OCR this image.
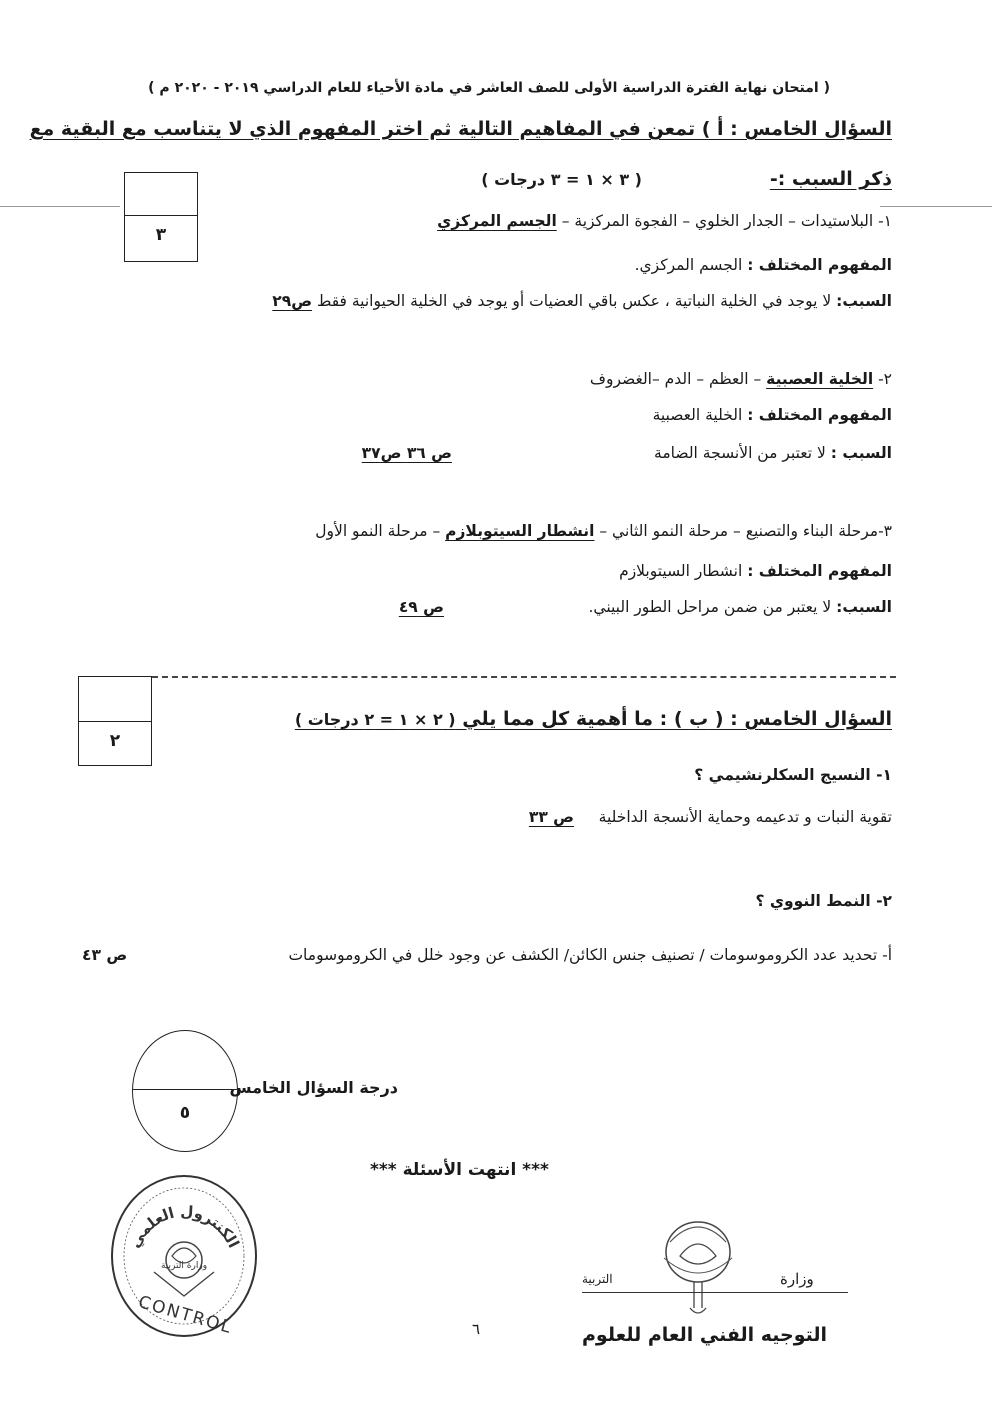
( امتحان نهاية الفترة الدراسية الأولى للصف العاشر في مادة الأحياء للعام الدراسي ٢٠١٩ - ٢٠٢٠ م )
السؤال الخامس : أ ) تمعن في المفاهيم التالية ثم اختر المفهوم الذي لا يتناسب مع البقية مع
ذكر السبب :-
( ٣ × ١ = ٣ درجات )
٣
١- البلاستيدات – الجدار الخلوي – الفجوة المركزية – الجسم المركزي
المفهوم المختلف : الجسم المركزي.
السبب: لا يوجد في الخلية النباتية ، عكس باقي العضيات أو يوجد في الخلية الحيوانية فقط ص٢٩
٢- الخلية العصبية – العظم – الدم –الغضروف
المفهوم المختلف : الخلية العصبية
السبب : لا تعتبر من الأنسجة الضامة
ص ٣٦ ص٣٧
٣-مرحلة البناء والتصنيع – مرحلة النمو الثاني – انشطار السيتوبلازم – مرحلة النمو الأول
المفهوم المختلف : انشطار السيتوبلازم
السبب: لا يعتبر من ضمن مراحل الطور البيني.
ص ٤٩
٢
السؤال الخامس : ( ب ) : ما أهمية كل مما يلي ( ٢ × ١ = ٢ درجات )
١- النسيج السكلرنشيمي ؟
تقوية النبات و تدعيمه وحماية الأنسجة الداخلية     ص ٣٣
٢- النمط النووي ؟
أ- تحديد عدد الكروموسومات / تصنيف جنس الكائن/ الكشف عن وجود خلل في الكروموسومات
ص ٤٣
٥
درجة السؤال الخامس
*** انتهت الأسئلة ***
الكنترول العلمي
وزارة التربية
CONTROL
وزارة
التربية
التوجيه الفني العام للعلوم
٦
